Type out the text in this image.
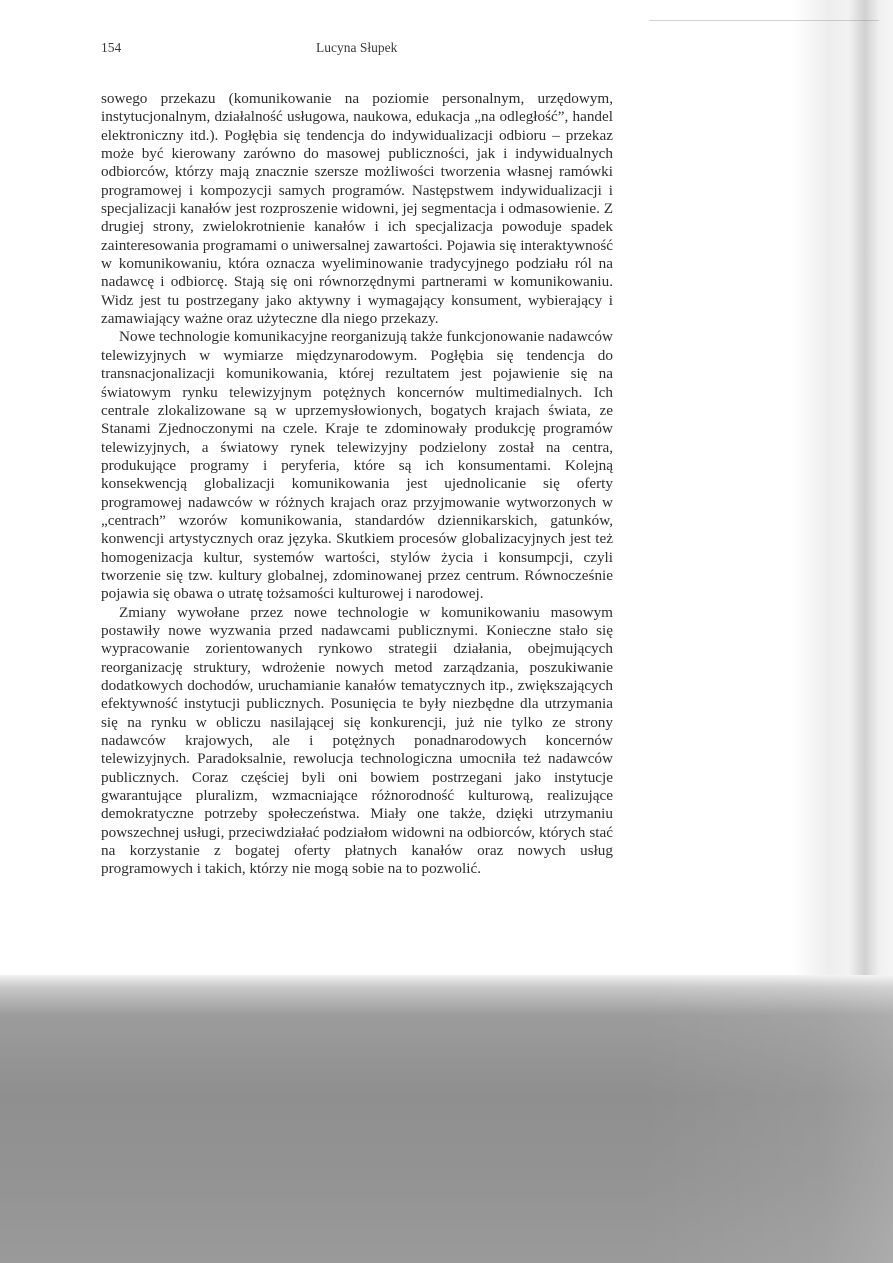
154	Lucyna Słupek

sowego przekazu (komunikowanie na poziomie personalnym, urzędowym, instytucjonalnym, działalność usługowa, naukowa, edukacja „na odległość”, handel elektroniczny itd.). Pogłębia się tendencja do indywidualizacji odbioru – przekaz może być kierowany zarówno do masowej publiczności, jak i indywidualnych odbiorców, którzy mają znacznie szersze możliwości tworzenia własnej ramówki programowej i kompozycji samych programów. Następstwem indywidualizacji i specjalizacji kanałów jest rozproszenie widowni, jej segmentacja i odmasowienie. Z drugiej strony, zwielokrotnienie kanałów i ich specjalizacja powoduje spadek zainteresowania programami o uniwersalnej zawartości. Pojawia się interaktywność w komunikowaniu, która oznacza wyeliminowanie tradycyjnego podziału ról na nadawcę i odbiorcę. Stają się oni równorzędnymi partnerami w komunikowaniu. Widz jest tu postrzegany jako aktywny i wymagający konsument, wybierający i zamawiający ważne oraz użyteczne dla niego przekazy.

Nowe technologie komunikacyjne reorganizują także funkcjonowanie nadawców telewizyjnych w wymiarze międzynarodowym. Pogłębia się tendencja do transnacjonalizacji komunikowania, której rezultatem jest pojawienie się na światowym rynku telewizyjnym potężnych koncernów multimedialnych. Ich centrale zlokalizowane są w uprzemysłowionych, bogatych krajach świata, ze Stanami Zjednoczonymi na czele. Kraje te zdominowały produkcję programów telewizyjnych, a światowy rynek telewizyjny podzielony został na centra, produkujące programy i peryferia, które są ich konsumentami. Kolejną konsekwencją globalizacji komunikowania jest ujednolicanie się oferty programowej nadawców w różnych krajach oraz przyjmowanie wytworzonych w „centrach” wzorów komunikowania, standardów dziennikarskich, gatunków, konwencji artystycznych oraz języka. Skutkiem procesów globalizacyjnych jest też homogenizacja kultur, systemów wartości, stylów życia i konsumpcji, czyli tworzenie się tzw. kultury globalnej, zdominowanej przez centrum. Równocześnie pojawia się obawa o utratę tożsamości kulturowej i narodowej.

Zmiany wywołane przez nowe technologie w komunikowaniu masowym postawiły nowe wyzwania przed nadawcami publicznymi. Konieczne stało się wypracowanie zorientowanych rynkowo strategii działania, obejmujących reorganizację struktury, wdrożenie nowych metod zarządzania, poszukiwanie dodatkowych dochodów, uruchamianie kanałów tematycznych itp., zwiększających efektywność instytucji publicznych. Posunięcia te były niezbędne dla utrzymania się na rynku w obliczu nasilającej się konkurencji, już nie tylko ze strony nadawców krajowych, ale i potężnych ponadnarodowych koncernów telewizyjnych. Paradoksalnie, rewolucja technologiczna umocniła też nadawców publicznych. Coraz częściej byli oni bowiem postrzegani jako instytucje gwarantujące pluralizm, wzmacniające różnorodność kulturową, realizujące demokratyczne potrzeby społeczeństwa. Miały one także, dzięki utrzymaniu powszechnej usługi, przeciwdziałać podziałom widowni na odbiorców, których stać na korzystanie z bogatej oferty płatnych kanałów oraz nowych usług programowych i takich, którzy nie mogą sobie na to pozwolić.
